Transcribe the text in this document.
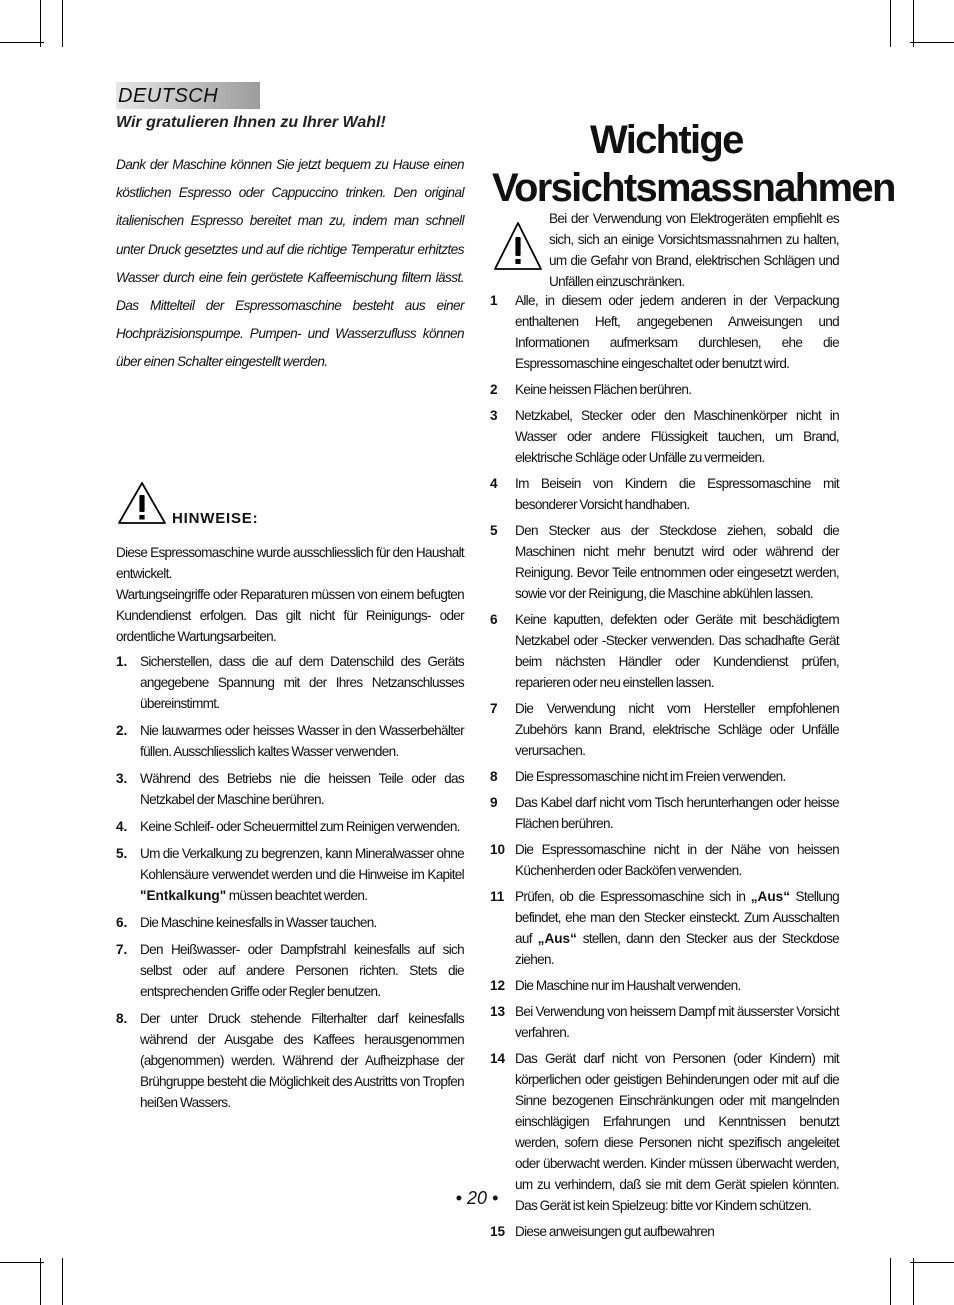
DEUTSCH
Wir gratulieren Ihnen zu Ihrer Wahl!
Dank der Maschine können Sie jetzt bequem zu Hause einen köstlichen Espresso oder Cappuccino trinken. Den original italienischen Espresso bereitet man zu, indem man schnell unter Druck gesetztes und auf die richtige Temperatur erhitztes Wasser durch eine fein geröstete Kaffeemischung filtern lässt. Das Mittelteil der Espressomaschine besteht aus einer Hochpräzisionspumpe. Pumpen- und Wasserzufluss können über einen Schalter eingestellt werden.
HINWEISE:
Diese Espressomaschine wurde ausschliesslich für den Haushalt entwickelt.
Wartungseingriffe oder Reparaturen müssen von einem befugten Kundendienst erfolgen. Das gilt nicht für Reinigungs- oder ordentliche Wartungsarbeiten.
1. Sicherstellen, dass die auf dem Datenschild des Geräts angegebene Spannung mit der Ihres Netzanschlusses übereinstimmt.
2. Nie lauwarmes oder heisses Wasser in den Wasserbehälter füllen. Ausschliesslich kaltes Wasser verwenden.
3. Während des Betriebs nie die heissen Teile oder das Netzkabel der Maschine berühren.
4. Keine Schleif- oder Scheuermittel zum Reinigen verwenden.
5. Um die Verkalkung zu begrenzen, kann Mineralwasser ohne Kohlensäure verwendet werden und die Hinweise im Kapitel "Entkalkung" müssen beachtet werden.
6. Die Maschine keinesfalls in Wasser tauchen.
7. Den Heißwasser- oder Dampfstrahl keinesfalls auf sich selbst oder auf andere Personen richten. Stets die entsprechenden Griffe oder Regler benutzen.
8. Der unter Druck stehende Filterhalter darf keinesfalls während der Ausgabe des Kaffees herausgenommen (abgenommen) werden. Während der Aufheizphase der Brühgruppe besteht die Möglichkeit des Austritts von Tropfen heißen Wassers.
Wichtige
Vorsichtsmassnahmen
Bei der Verwendung von Elektrogeräten empfiehlt es sich, sich an einige Vorsichtsmassnahmen zu halten, um die Gefahr von Brand, elektrischen Schlägen und Unfällen einzuschränken.
1 Alle, in diesem oder jedem anderen in der Verpackung enthaltenen Heft, angegebenen Anweisungen und Informationen aufmerksam durchlesen, ehe die Espressomaschine eingeschaltet oder benutzt wird.
2 Keine heissen Flächen berühren.
3 Netzkabel, Stecker oder den Maschinenkörper nicht in Wasser oder andere Flüssigkeit tauchen, um Brand, elektrische Schläge oder Unfälle zu vermeiden.
4 Im Beisein von Kindern die Espressomaschine mit besonderer Vorsicht handhaben.
5 Den Stecker aus der Steckdose ziehen, sobald die Maschinen nicht mehr benutzt wird oder während der Reinigung. Bevor Teile entnommen oder eingesetzt werden, sowie vor der Reinigung, die Maschine abkühlen lassen.
6 Keine kaputten, defekten oder Geräte mit beschädigtem Netzkabel oder -Stecker verwenden. Das schadhafte Gerät beim nächsten Händler oder Kundendienst prüfen, reparieren oder neu einstellen lassen.
7 Die Verwendung nicht vom Hersteller empfohlenen Zubehörs kann Brand, elektrische Schläge oder Unfälle verursachen.
8 Die Espressomaschine nicht im Freien verwenden.
9 Das Kabel darf nicht vom Tisch herunterhangen oder heisse Flächen berühren.
10 Die Espressomaschine nicht in der Nähe von heissen Küchenherden oder Backöfen verwenden.
11 Prüfen, ob die Espressomaschine sich in „Aus“ Stellung befindet, ehe man den Stecker einsteckt. Zum Ausschalten auf „Aus“ stellen, dann den Stecker aus der Steckdose ziehen.
12 Die Maschine nur im Haushalt verwenden.
13 Bei Verwendung von heissem Dampf mit äusserster Vorsicht verfahren.
14 Das Gerät darf nicht von Personen (oder Kindern) mit körperlichen oder geistigen Behinderungen oder mit auf die Sinne bezogenen Einschränkungen oder mit mangelnden einschlägigen Erfahrungen und Kenntnissen benutzt werden, sofern diese Personen nicht spezifisch angeleitet oder überwacht werden. Kinder müssen überwacht werden, um zu verhindern, daß sie mit dem Gerät spielen könnten. Das Gerät ist kein Spielzeug: bitte vor Kindern schützen.
15 Diese anweisungen gut aufbewahren
• 20 •
